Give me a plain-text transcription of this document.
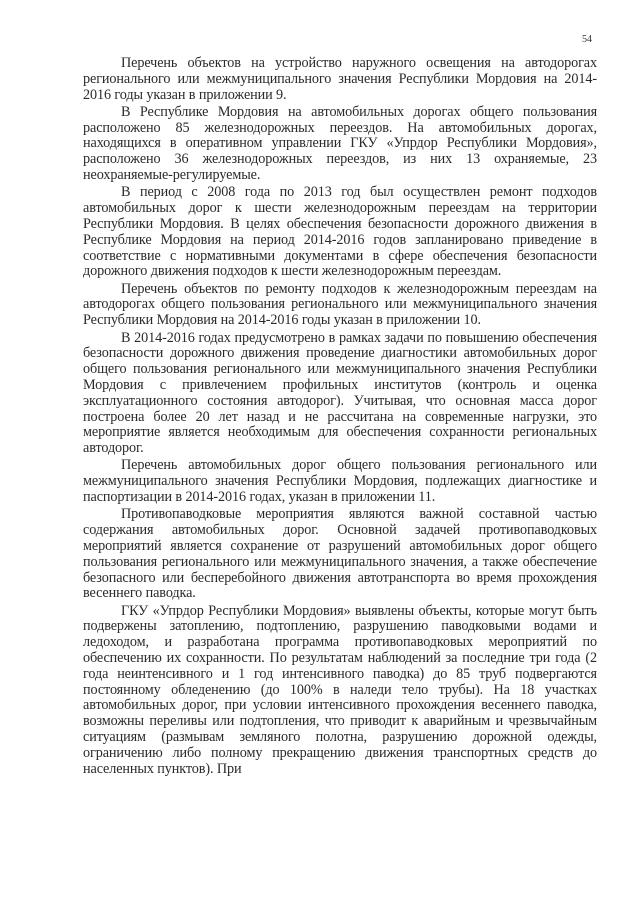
54

Перечень объектов на устройство наружного освещения на автодорогах регионального или межмуниципального значения Республики Мордовия на 2014-2016 годы указан в приложении 9.

В Республике Мордовия на автомобильных дорогах общего пользования расположено 85 железнодорожных переездов. На автомобильных дорогах, находящихся в оперативном управлении ГКУ «Упрдор Республики Мордовия», расположено 36 железнодорожных переездов, из них 13 охраняемые, 23 неохраняемые-регулируемые.

В период с 2008 года по 2013 год был осуществлен ремонт подходов автомобильных дорог к шести железнодорожным переездам на территории Республики Мордовия. В целях обеспечения безопасности дорожного движения в Республике Мордовия на период 2014-2016 годов запланировано приведение в соответствие с нормативными документами в сфере обеспечения безопасности дорожного движения подходов к шести железнодорожным переездам.

Перечень объектов по ремонту подходов к железнодорожным переездам на автодорогах общего пользования регионального или межмуниципального значения Республики Мордовия на 2014-2016 годы указан в приложении 10.

В 2014-2016 годах предусмотрено в рамках задачи по повышению обеспечения безопасности дорожного движения проведение диагностики автомобильных дорог общего пользования регионального или межмуниципального значения Республики Мордовия с привлечением профильных институтов (контроль и оценка эксплуатационного состояния автодорог). Учитывая, что основная масса дорог построена более 20 лет назад и не рассчитана на современные нагрузки, это мероприятие является необходимым для обеспечения сохранности региональных автодорог.

Перечень автомобильных дорог общего пользования регионального или межмуниципального значения Республики Мордовия, подлежащих диагностике и паспортизации в 2014-2016 годах, указан в приложении 11.

Противопаводковые мероприятия являются важной составной частью содержания автомобильных дорог. Основной задачей противопаводковых мероприятий является сохранение от разрушений автомобильных дорог общего пользования регионального или межмуниципального значения, а также обеспечение безопасного или бесперебойного движения автотранспорта во время прохождения весеннего паводка.

ГКУ «Упрдор Республики Мордовия» выявлены объекты, которые могут быть подвержены затоплению, подтоплению, разрушению паводковыми водами и ледоходом, и разработана программа противопаводковых мероприятий по обеспечению их сохранности. По результатам наблюдений за последние три года (2 года неинтенсивного и 1 год интенсивного паводка) до 85 труб подвергаются постоянному обледенению (до 100% в наледи тело трубы). На 18 участках автомобильных дорог, при условии интенсивного прохождения весеннего паводка, возможны переливы или подтопления, что приводит к аварийным и чрезвычайным ситуациям (размывам земляного полотна, разрушению дорожной одежды, ограничению либо полному прекращению движения транспортных средств до населенных пунктов). При
